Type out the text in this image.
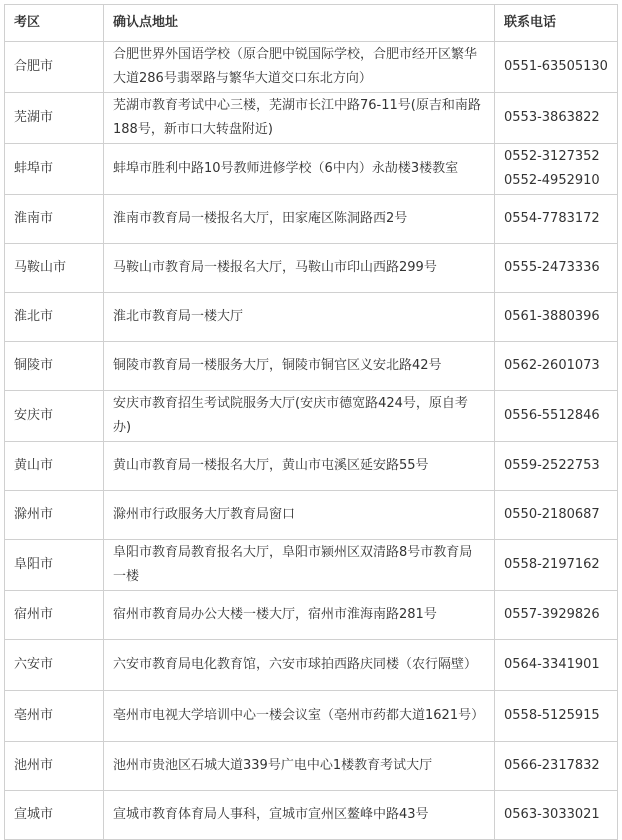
考区	确认点地址	联系电话
合肥市	合肥世界外国语学校（原合肥中锐国际学校，合肥市经开区繁华大道286号翡翠路与繁华大道交口东北方向）	0551-63505130

芜湖市	芜湖市教育考试中心三楼，芜湖市长江中路76-11号(原吉和南路188号，新市口大转盘附近)	0553-3863822

蚌埠市	蚌埠市胜利中路10号教师进修学校（6中内）永劼楼3楼教室	0552-3127352
0552-4952910

淮南市	淮南市教育局一楼报名大厅，田家庵区陈洞路西2号	0554-7783172

马鞍山市	马鞍山市教育局一楼报名大厅，马鞍山市印山西路299号	0555-2473336

淮北市	淮北市教育局一楼大厅	0561-3880396

铜陵市	铜陵市教育局一楼服务大厅，铜陵市铜官区义安北路42号	0562-2601073

安庆市	安庆市教育招生考试院服务大厅(安庆市德宽路424号，原自考办)	0556-5512846

黄山市	黄山市教育局一楼报名大厅，黄山市屯溪区延安路55号	0559-2522753

滁州市	滁州市行政服务大厅教育局窗口	0550-2180687

阜阳市	阜阳市教育局教育报名大厅，阜阳市颍州区双清路8号市教育局一楼	0558-2197162

宿州市	宿州市教育局办公大楼一楼大厅，宿州市淮海南路281号	0557-3929826

六安市	六安市教育局电化教育馆，六安市球拍西路庆同楼（农行隔壁）	0564-3341901

亳州市	亳州市电视大学培训中心一楼会议室（亳州市药都大道1621号）	0558-5125915

池州市	池州市贵池区石城大道339号广电中心1楼教育考试大厅	0566-2317832

宣城市	宣城市教育体育局人事科，宣城市宣州区鳌峰中路43号	0563-3033021
